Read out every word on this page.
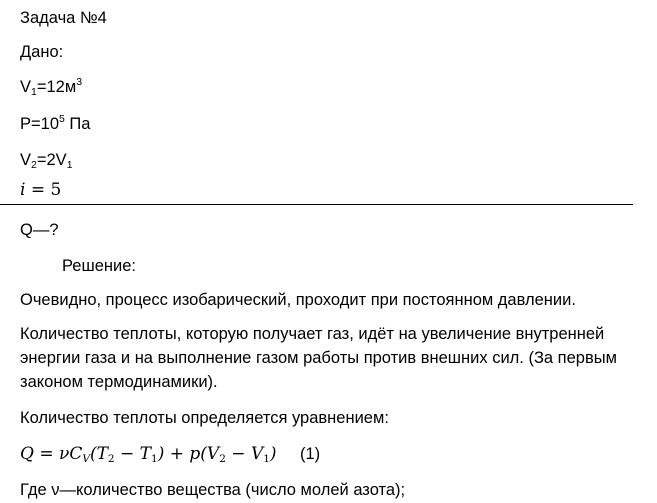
Задача №4
Дано:
$V_1=12м^3$
$P=10^5$ Па
$V_2=2V_1$
i = 5
Q—?
Решение:
Очевидно, процесс изобарический, проходит при постоянном давлении.
Количество теплоты, которую получает газ, идёт на увеличение внутренней энергии газа и на выполнение газом работы против внешних сил. (За первым законом термодинамики).
Количество теплоты определяется уравнением:
$Q = \nu C_V(T_2 - T_1) + p(V_2 - V_1)$ (1)
Где ν—количество вещества (число молей азота);
